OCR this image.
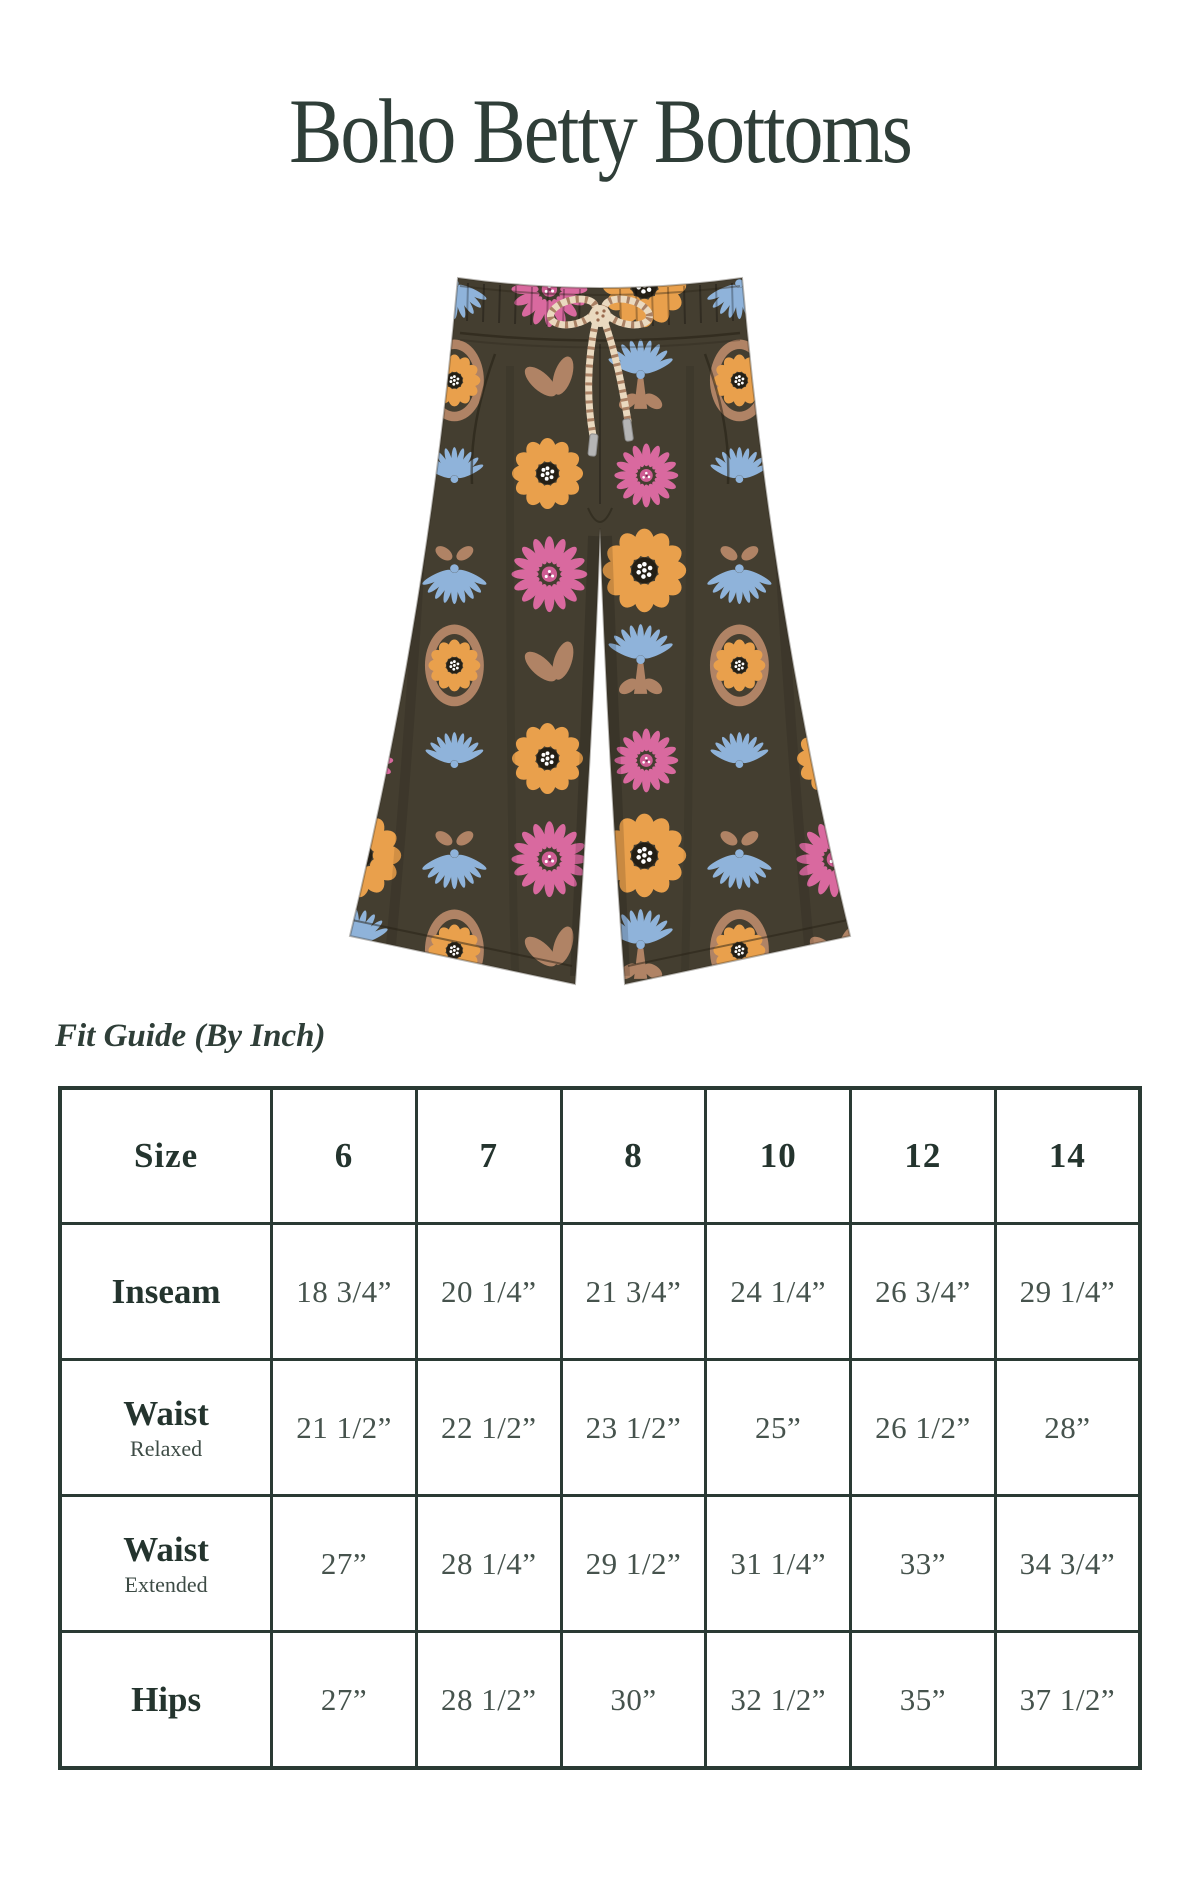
Boho Betty Bottoms
Fit Guide (By Inch)
Size	6	7	8	10	12	14

Inseam	18 3/4”	20 1/4”	21 3/4”	24 1/4”	26 3/4”	29 1/4”

Waist
Relaxed	21 1/2”	22 1/2”	23 1/2”	25”	26 1/2”	28”

Waist
Extended	27”	28 1/4”	29 1/2”	31 1/4”	33”	34 3/4”

Hips	27”	28 1/2”	30”	32 1/2”	35”	37 1/2”
